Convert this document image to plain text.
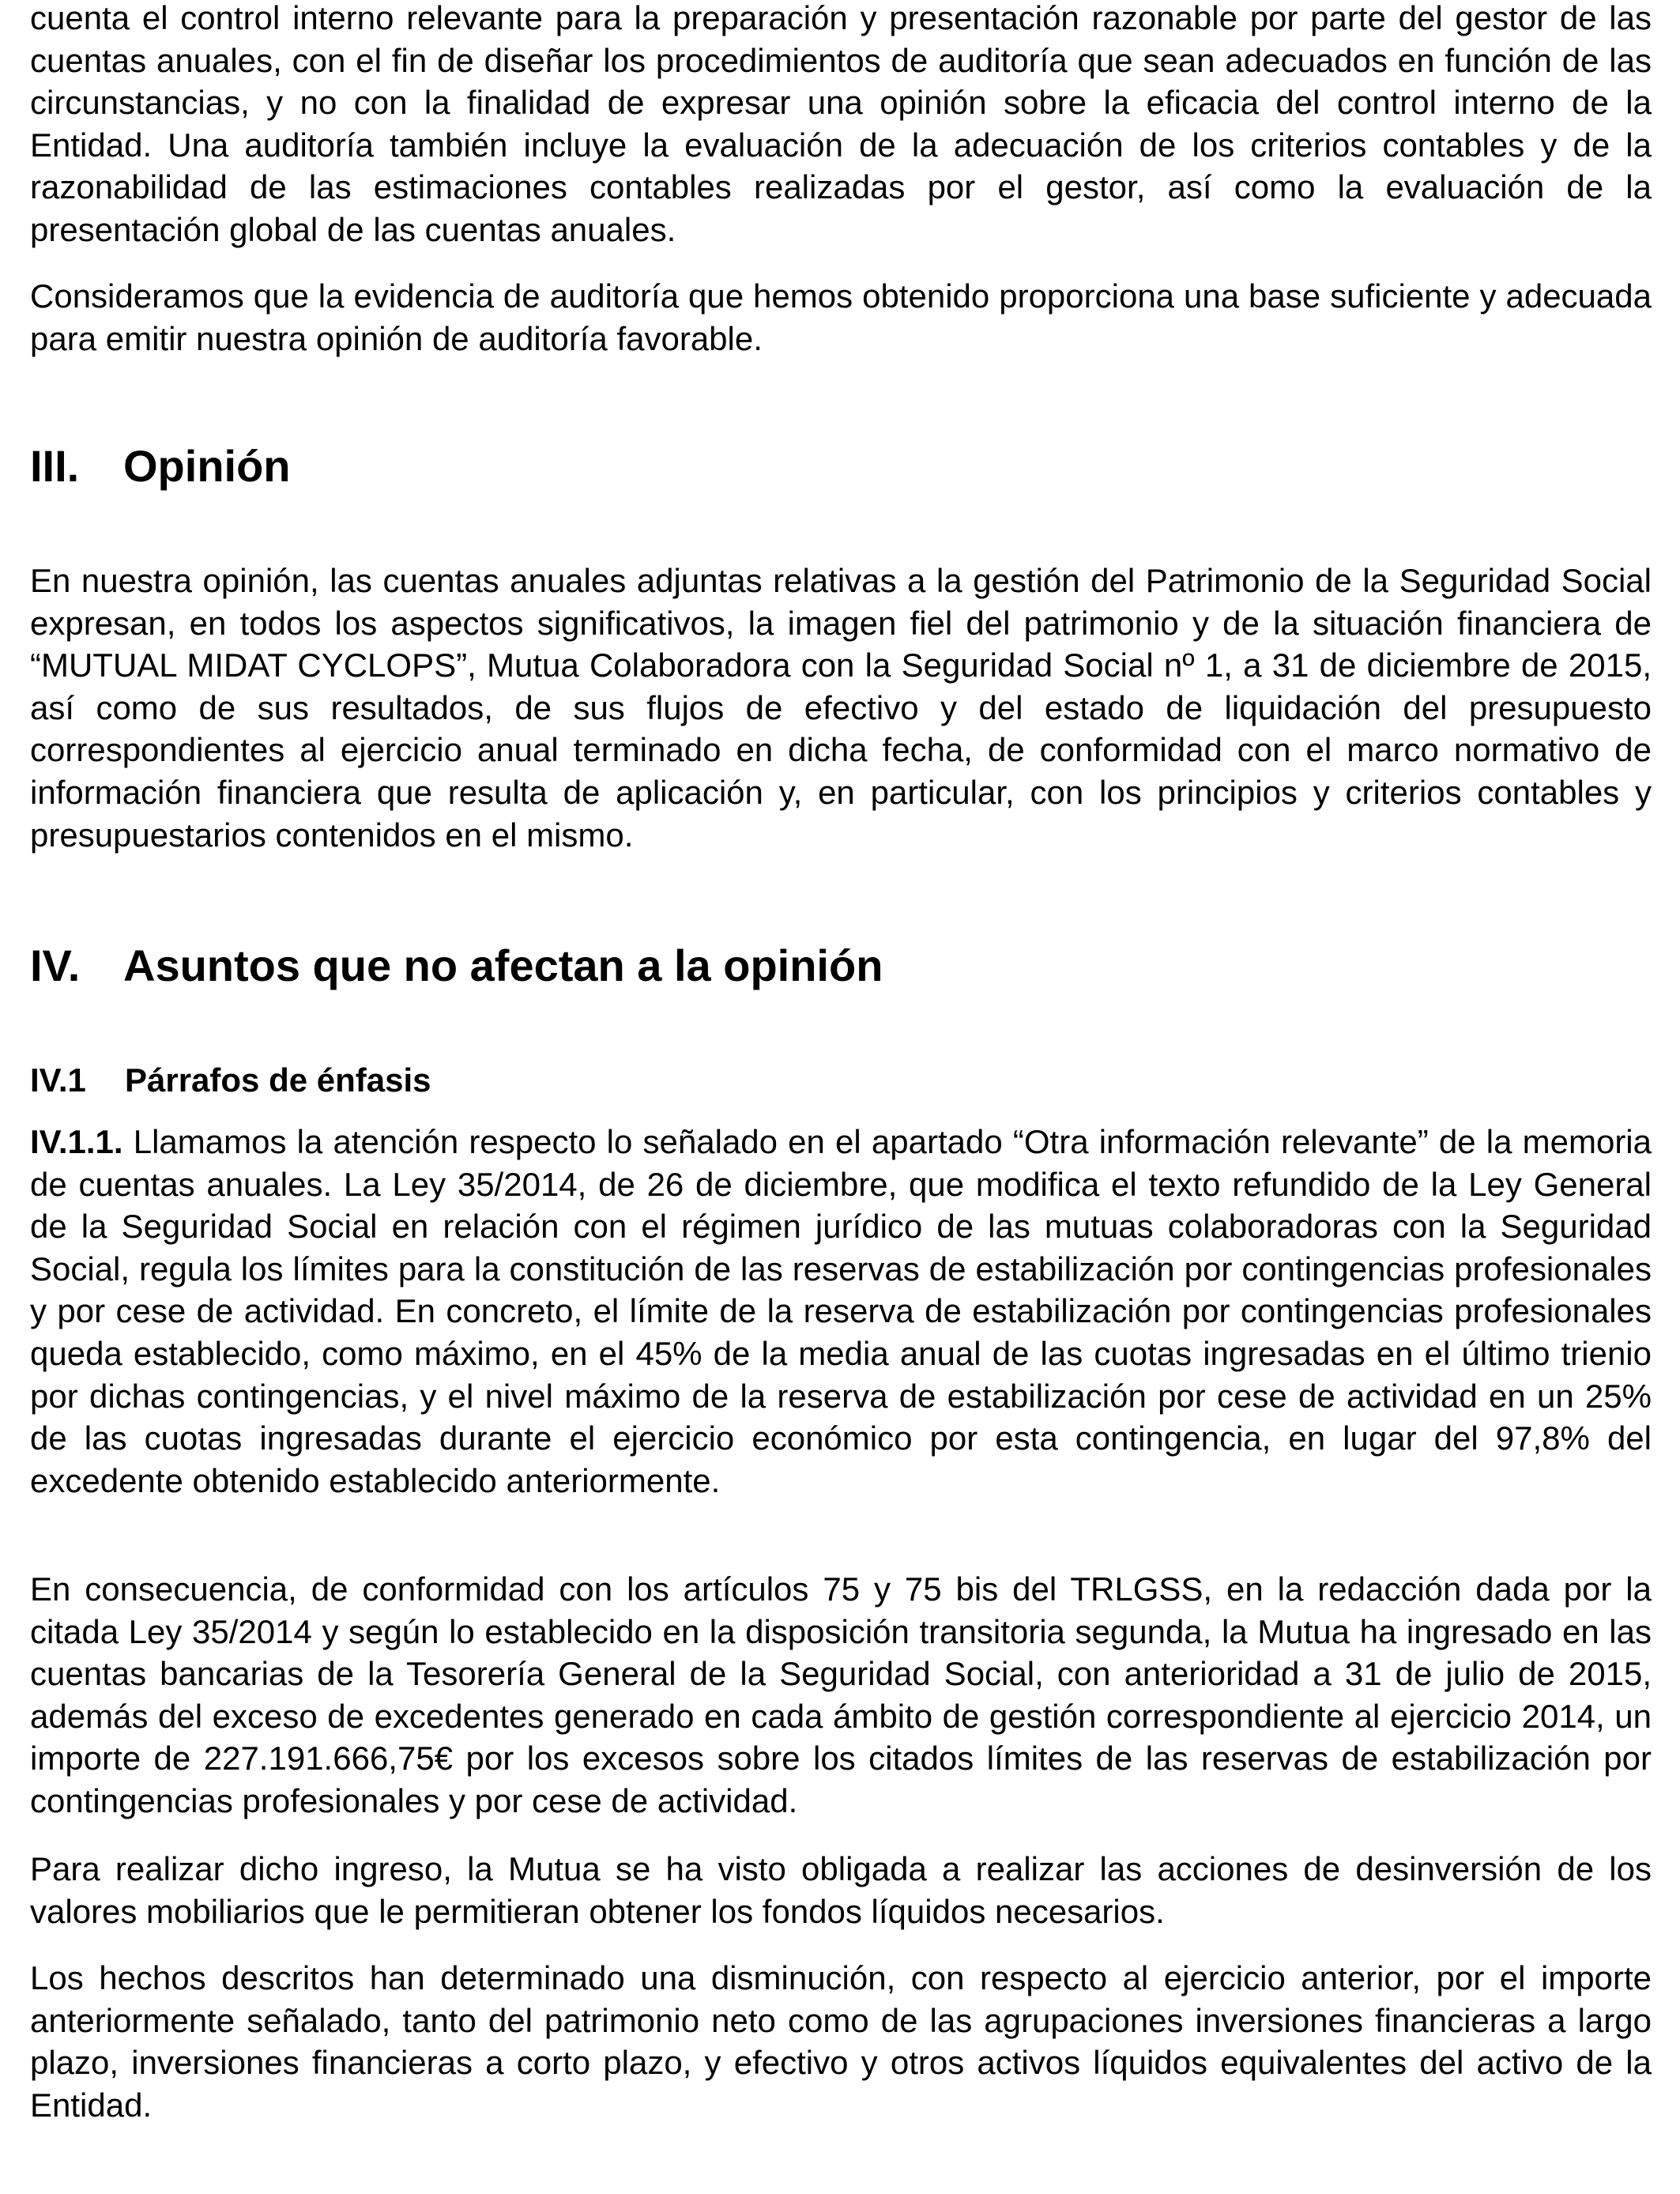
cuenta el control interno relevante para la preparación y presentación razonable por parte del gestor de las cuentas anuales, con el fin de diseñar los procedimientos de auditoría que sean adecuados en función de las circunstancias, y no con la finalidad de expresar una opinión sobre la eficacia del control interno de la Entidad. Una auditoría también incluye la evaluación de la adecuación de los criterios contables y de la razonabilidad de las estimaciones contables realizadas por el gestor, así como la evaluación de la presentación global de las cuentas anuales.

Consideramos que la evidencia de auditoría que hemos obtenido proporciona una base suficiente y adecuada para emitir nuestra opinión de auditoría favorable.

III. Opinión

En nuestra opinión, las cuentas anuales adjuntas relativas a la gestión del Patrimonio de la Seguridad Social expresan, en todos los aspectos significativos, la imagen fiel del patrimonio y de la situación financiera de “MUTUAL MIDAT CYCLOPS”, Mutua Colaboradora con la Seguridad Social nº 1, a 31 de diciembre de 2015, así como de sus resultados, de sus flujos de efectivo y del estado de liquidación del presupuesto correspondientes al ejercicio anual terminado en dicha fecha, de conformidad con el marco normativo de información financiera que resulta de aplicación y, en particular, con los principios y criterios contables y presupuestarios contenidos en el mismo.

IV. Asuntos que no afectan a la opinión
IV.1	Párrafos de énfasis

IV.1.1. Llamamos la atención respecto lo señalado en el apartado “Otra información relevante” de la memoria de cuentas anuales. La Ley 35/2014, de 26 de diciembre, que modifica el texto refundido de la Ley General de la Seguridad Social en relación con el régimen jurídico de las mutuas colaboradoras con la Seguridad Social, regula los límites para la constitución de las reservas de estabilización por contingencias profesionales y por cese de actividad. En concreto, el límite de la reserva de estabilización por contingencias profesionales queda establecido, como máximo, en el 45% de la media anual de las cuotas ingresadas en el último trienio por dichas contingencias, y el nivel máximo de la reserva de estabilización por cese de actividad en un 25% de las cuotas ingresadas durante el ejercicio económico por esta contingencia, en lugar del 97,8% del excedente obtenido establecido anteriormente.

En consecuencia, de conformidad con los artículos 75 y 75 bis del TRLGSS, en la redacción dada por la citada Ley 35/2014 y según lo establecido en la disposición transitoria segunda, la Mutua ha ingresado en las cuentas bancarias de la Tesorería General de la Seguridad Social, con anterioridad a 31 de julio de 2015, además del exceso de excedentes generado en cada ámbito de gestión correspondiente al ejercicio 2014, un importe de 227.191.666,75€ por los excesos sobre los citados límites de las reservas de estabilización por contingencias profesionales y por cese de actividad.

Para realizar dicho ingreso, la Mutua se ha visto obligada a realizar las acciones de desinversión de los valores mobiliarios que le permitieran obtener los fondos líquidos necesarios.

Los hechos descritos han determinado una disminución, con respecto al ejercicio anterior, por el importe anteriormente señalado, tanto del patrimonio neto como de las agrupaciones inversiones financieras a largo plazo, inversiones financieras a corto plazo, y efectivo y otros activos líquidos equivalentes del activo de la Entidad.
